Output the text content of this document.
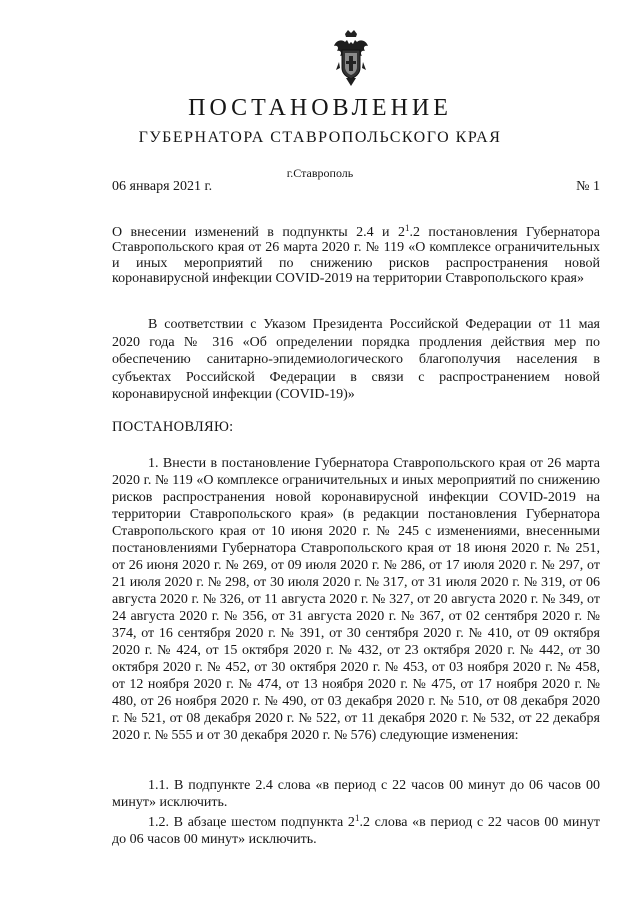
ПОСТАНОВЛЕНИЕ
ГУБЕРНАТОРА СТАВРОПОЛЬСКОГО КРАЯ
г.Ставрополь
06 января 2021 г.	№ 1
О внесении изменений в подпункты 2.4 и $2^1.2$ постановления Губернатора Ставропольского края от 26 марта 2020 г. № 119 «О комплексе ограничительных и иных мероприятий по снижению рисков распространения новой коронавирусной инфекции COVID-2019 на территории Ставропольского края»
В соответствии с Указом Президента Российской Федерации от 11 мая 2020 года № 316 «Об определении порядка продления действия мер по обеспечению санитарно-эпидемиологического благополучия населения в субъектах Российской Федерации в связи с распространением новой коронавирусной инфекции (COVID-19)»
ПОСТАНОВЛЯЮ:
1. Внести в постановление Губернатора Ставропольского края от 26 марта 2020 г. № 119 «О комплексе ограничительных и иных мероприятий по снижению рисков распространения новой коронавирусной инфекции COVID-2019 на территории Ставропольского края» (в редакции постановления Губернатора Ставропольского края от 10 июня 2020 г. № 245 с изменениями, внесенными постановлениями Губернатора Ставропольского края от 18 июня 2020 г. № 251, от 26 июня 2020 г. № 269, от 09 июля 2020 г. № 286, от 17 июля 2020 г. № 297, от 21 июля 2020 г. № 298, от 30 июля 2020 г. № 317, от 31 июля 2020 г. № 319, от 06 августа 2020 г. № 326, от 11 августа 2020 г. № 327, от 20 августа 2020 г. № 349, от 24 августа 2020 г. № 356, от 31 августа 2020 г. № 367, от 02 сентября 2020 г. № 374, от 16 сентября 2020 г. № 391, от 30 сентября 2020 г. № 410, от 09 октября 2020 г. № 424, от 15 октября 2020 г. № 432, от 23 октября 2020 г. № 442, от 30 октября 2020 г. № 452, от 30 октября 2020 г. № 453, от 03 ноября 2020 г. № 458, от 12 ноября 2020 г. № 474, от 13 ноября 2020 г. № 475, от 17 ноября 2020 г. № 480, от 26 ноября 2020 г. № 490, от 03 декабря 2020 г. № 510, от 08 декабря 2020 г. № 521, от 08 декабря 2020 г. № 522, от 11 декабря 2020 г. № 532, от 22 декабря 2020 г. № 555 и от 30 декабря 2020 г. № 576) следующие изменения:
1.1. В подпункте 2.4 слова «в период с 22 часов 00 минут до 06 часов 00 минут» исключить.
1.2. В абзаце шестом подпункта $2^1.2$ слова «в период с 22 часов 00 минут до 06 часов 00 минут» исключить.
